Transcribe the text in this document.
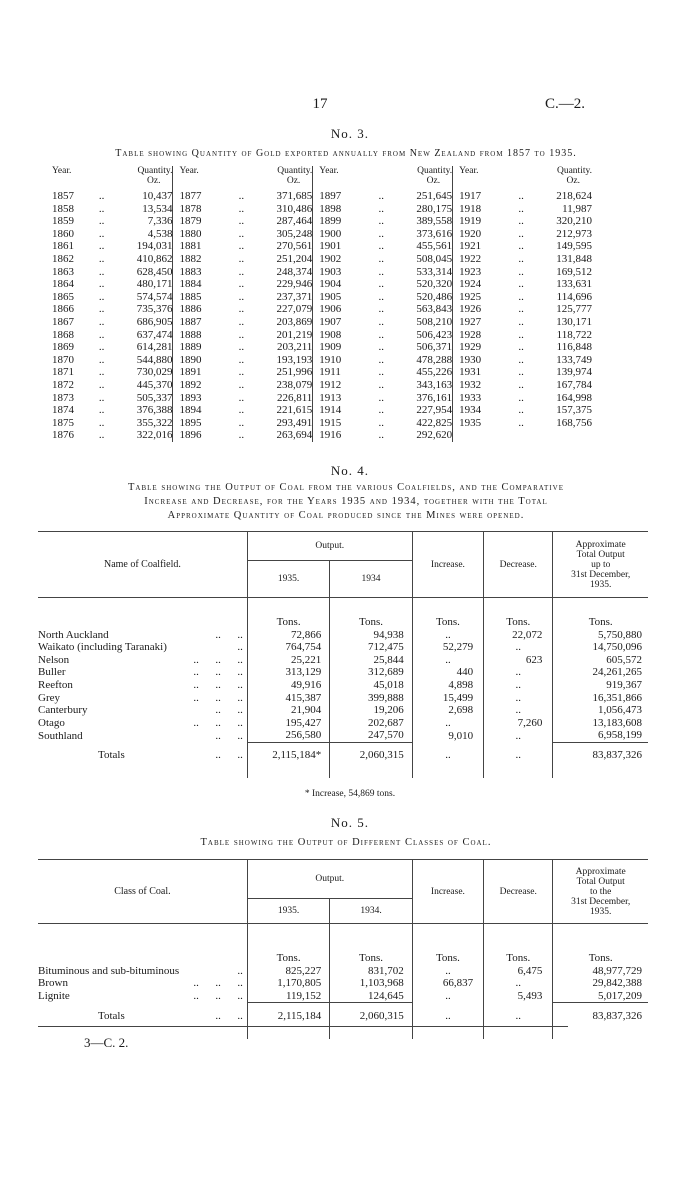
17	C.—2.
No. 3.
Table showing Quantity of Gold exported annually from New Zealand from 1857 to 1935.
Year.	Quantity.
Oz.	Year.	Quantity.
Oz.	Year.	Quantity.
Oz.	Year.	Quantity.
Oz.
1857	.. 10,437	1877	.. 371,685	1897	.. 251,645	1917	.. 218,624
1858	.. 13,534	1878	.. 310,486	1898	.. 280,175	1918	.. 11,987
1859	.. 7,336	1879	.. 287,464	1899	.. 389,558	1919	.. 320,210
1860	.. 4,538	1880	.. 305,248	1900	.. 373,616	1920	.. 212,973
1861	.. 194,031	1881	.. 270,561	1901	.. 455,561	1921	.. 149,595
1862	.. 410,862	1882	.. 251,204	1902	.. 508,045	1922	.. 131,848
1863	.. 628,450	1883	.. 248,374	1903	.. 533,314	1923	.. 169,512
1864	.. 480,171	1884	.. 229,946	1904	.. 520,320	1924	.. 133,631
1865	.. 574,574	1885	.. 237,371	1905	.. 520,486	1925	.. 114,696
1866	.. 735,376	1886	.. 227,079	1906	.. 563,843	1926	.. 125,777
1867	.. 686,905	1887	.. 203,869	1907	.. 508,210	1927	.. 130,171
1868	.. 637,474	1888	.. 201,219	1908	.. 506,423	1928	.. 118,722
1869	.. 614,281	1889	.. 203,211	1909	.. 506,371	1929	.. 116,848
1870	.. 544,880	1890	.. 193,193	1910	.. 478,288	1930	.. 133,749
1871	.. 730,029	1891	.. 251,996	1911	.. 455,226	1931	.. 139,974
1872	.. 445,370	1892	.. 238,079	1912	.. 343,163	1932	.. 167,784
1873	.. 505,337	1893	.. 226,811	1913	.. 376,161	1933	.. 164,998
1874	.. 376,388	1894	.. 221,615	1914	.. 227,954	1934	.. 157,375
1875	.. 355,322	1895	.. 293,491	1915	.. 422,825	1935	.. 168,756
1876	.. 322,016	1896	.. 263,694	1916	.. 292,620		
No. 4.
Table showing the Output of Coal from the various Coalfields, and the Comparative
Increase and Decrease, for the Years 1935 and 1934, together with the Total
Approximate Quantity of Coal produced since the Mines were opened.
Name of Coalfield.	Output.		Increase.	Decrease.	Approximate
Total Output
up to
31st December,
1935.
	1935.	1934			

	Tons.	Tons.	Tons.	Tons.	Tons.

..      ..
North Auckland	72,866	94,938	..	22,072	5,750,880

..
Waikato (including Taranaki)	764,754	712,475	52,279	..	14,750,096

..      ..      ..
Nelson	25,221	25,844	..	623	605,572

..      ..      ..
Buller	313,129	312,689	440	..	24,261,265

..      ..      ..
Reefton	49,916	45,018	4,898	..	919,367

..      ..      ..
Grey	415,387	399,888	15,499	..	16,351,866

..      ..
Canterbury	21,904	19,206	2,698	..	1,056,473

..      ..      ..
Otago	195,427	202,687	..	7,260	13,183,608

..      ..
Southland	256,580	247,570	9,010	..	6,958,199

..      ..
Totals	2,115,184*	2,060,315	..	..	83,837,326

* Increase, 54,869 tons.
No. 5.
Table showing the Output of Different Classes of Coal.
Class of Coal.	Output.		Increase.	Decrease.	Approximate
Total Output
to the
31st December,
1935.
	1935.	1934.			

	Tons.	Tons.	Tons.	Tons.	Tons.

..
Bituminous and sub-bituminous	825,227	831,702	..	6,475	48,977,729

..      ..      ..
Brown	1,170,805	1,103,968	66,837	..	29,842,388

..      ..      ..
Lignite	119,152	124,645	..	5,493	5,017,209

..      ..
Totals	2,115,184	2,060,315	..	..	83,837,326

3—C. 2.
